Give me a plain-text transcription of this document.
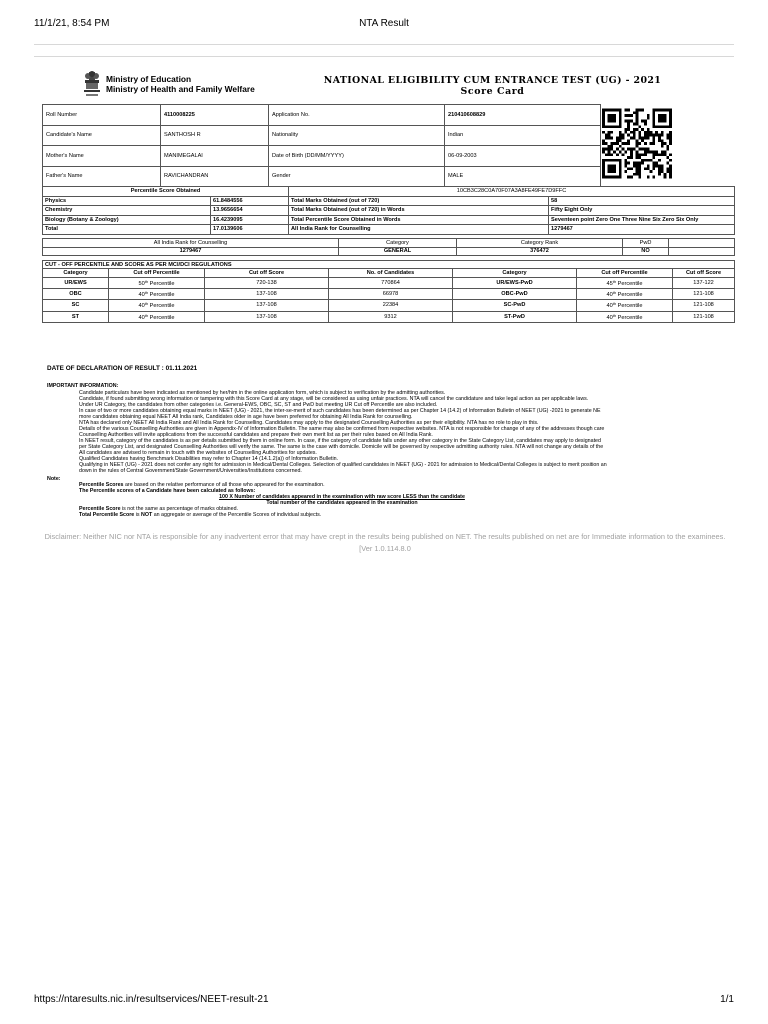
11/1/21, 8:54 PM	NTA Result
Ministry of Education
Ministry of Health and Family Welfare
NATIONAL ELIGIBILITY CUM ENTRANCE TEST (UG) - 2021
Score Card
Roll Number	4110008225	Application No.	210410608829
Candidate's Name	SANTHOSH R	Nationality	Indian
Mother's Name	MANIMEGALAI	Date of Birth (DD/MM/YYYY)	06-09-2003
Father's Name	RAVICHANDRAN	Gender	MALE
Percentile Score Obtained		10CB3C28C0A70F07A3A8FE49FE7D9FFC	
Physics	61.8484556	Total Marks Obtained (out of 720)	58
Chemistry	13.9656654	Total Marks Obtained (out of 720) in Words	Fifty Eight Only
Biology (Botany & Zoology)	16.4239095	Total Percentile Score Obtained in Words	Seventeen point Zero One Three Nine Six Zero Six Only
Total	17.0139606	All India Rank for Counselling	1279467
All India Rank for Counselling	Category	Category Rank	PwD	
1279467	GENERAL	376472	NO	
CUT - OFF PERCENTILE AND SCORE AS PER MCI/DCI REGULATIONS						
Category	Cut off Percentile	Cut off Score	No. of Candidates	Category	Cut off Percentile	Cut off Score
UR/EWS	50th Percentile	720-138	770864	UR/EWS-PwD	45th Percentile	137-122
OBC	40th Percentile	137-108	66978	OBC-PwD	40th Percentile	121-108
SC	40th Percentile	137-108	22384	SC-PwD	40th Percentile	121-108
ST	40th Percentile	137-108	9312	ST-PwD	40th Percentile	121-108
DATE OF DECLARATION OF RESULT : 01.11.2021
IMPORTANT INFORMATION:
1. Candidate particulars have been indicated as mentioned by her/him in the online application form, which is subject to verification by the admitting authorities.
2. Candidate, if found submitting wrong information or tampering with this Score Card at any stage, will be considered as using unfair practices. NTA will cancel the candidature and take legal action as per applicable laws.
3. Under UR Category, the candidates from other categories i.e. General-EWS, OBC, SC, ST and PwD but meeting UR Cut off Percentile are also included.
4. In case of two or more candidates obtaining equal marks in NEET (UG) - 2021, the inter-se-merit of such candidates has been determined as per Chapter 14 (14.2) of Information Bulletin of NEET (UG) -2021 to generate NE
more candidates obtaining equal NEET All India rank, Candidates older in age have been preferred for obtaining All India Rank for counselling.
5. NTA has declared only NEET All India Rank and All India Rank for Counselling. Candidates may apply to the designated Counselling Authorities as per their eligibility. NTA has no role to play in this.
6. Details of the various Counselling Authorities are given in Appendix-IV of Information Bulletin. The same may also be confirmed from respective websites. NTA is not responsible for change of any of the addresses though care
7. Counselling Authorities will invite applications from the successful candidates and prepare their own merit list as per their rules based on All India Rank.
8. In NEET result, category of the candidates is as per details submitted by them in online form. In case, if the category of candidate falls under any other category in the State Category List, candidates may apply to designated
per State Category List, and designated Counselling Authorities will verify the same. The same is the case with domicile. Domicile will be governed by respective admitting authority rules. NTA will not change any details of the
9. All candidates are advised to remain in touch with the websites of Counselling Authorities for updates.
10. Qualified Candidates having Benchmark Disabilities may refer to Chapter 14 (14.1.2(a)) of Information Bulletin.
11. Qualifying in NEET (UG) - 2021 does not confer any right for admission in Medical/Dental Colleges. Selection of qualified candidates in NEET (UG) - 2021 for admission to Medical/Dental Colleges is subject to merit position an
down in the rules of Central Government/State Government/Universities/Institutions concerned.
Note:
1. Percentile Scores are based on the relative performance of all those who appeared for the examination.
2. The Percentile scores of a Candidate have been calculated as follows:
100 X Number of candidates appeared in the examination with raw score LESS than the candidate
Total number of the candidates appeared in the examination
3. Percentile Score is not the same as percentage of marks obtained.
4. Total Percentile Score is NOT an aggregate or average of the Percentile Scores of individual subjects.
Disclaimer: Neither NIC nor NTA is responsible for any inadvertent error that may have crept in the results being published on NET. The results published on net are for Immediate information to the examinees. [Ver 1.0.114.8.0
https://ntaresults.nic.in/resultservices/NEET-result-21	1/1
